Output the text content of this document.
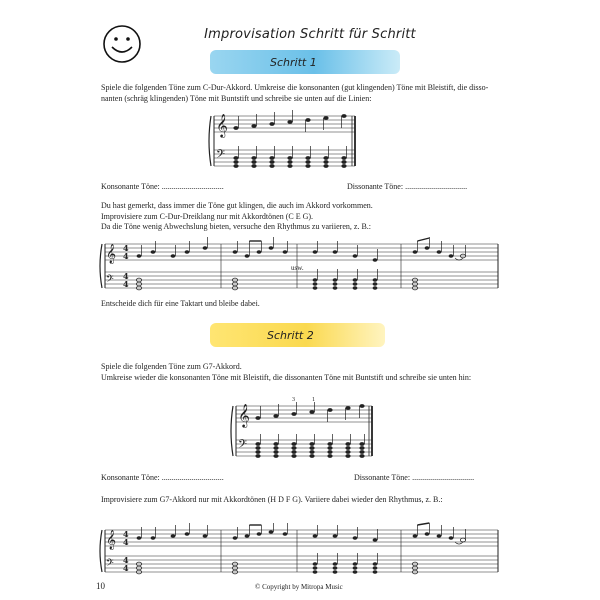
Improvisation Schritt für Schritt
Schritt 1
Spiele die folgenden Töne zum C-Dur-Akkord. Umkreise die konsonanten (gut klingenden) Töne mit Bleistift, die disso-
nanten (schräg klingenden) Töne mit Buntstift und schreibe sie unten auf die Linien:
𝄞
𝄢
Konsonante Töne: ...............................	Dissonante Töne: ...............................
Du hast gemerkt, dass immer die Töne gut klingen, die auch im Akkord vorkommen.
Improvisiere zum C-Dur-Dreiklang nur mit Akkordtönen (C E G).
Da die Töne wenig Abwechslung bieten, versuche den Rhythmus zu variieren, z. B.:
𝄞
𝄢
4
4
4
4
usw.
Entscheide dich für eine Taktart und bleibe dabei.
Schritt 2
Spiele die folgenden Töne zum G7-Akkord.
Umkreise wieder die konsonanten Töne mit Bleistift, die dissonanten Töne mit Buntstift und schreibe sie unten hin:
𝄞
𝄢
3	1
Konsonante Töne: ...............................	Dissonante Töne: ...............................
Improvisiere zum G7-Akkord nur mit Akkordtönen (H D F G). Variiere dabei wieder den Rhythmus, z. B.:
𝄞
𝄢
4
4
4
4
10	© Copyright by Mitropa Music
